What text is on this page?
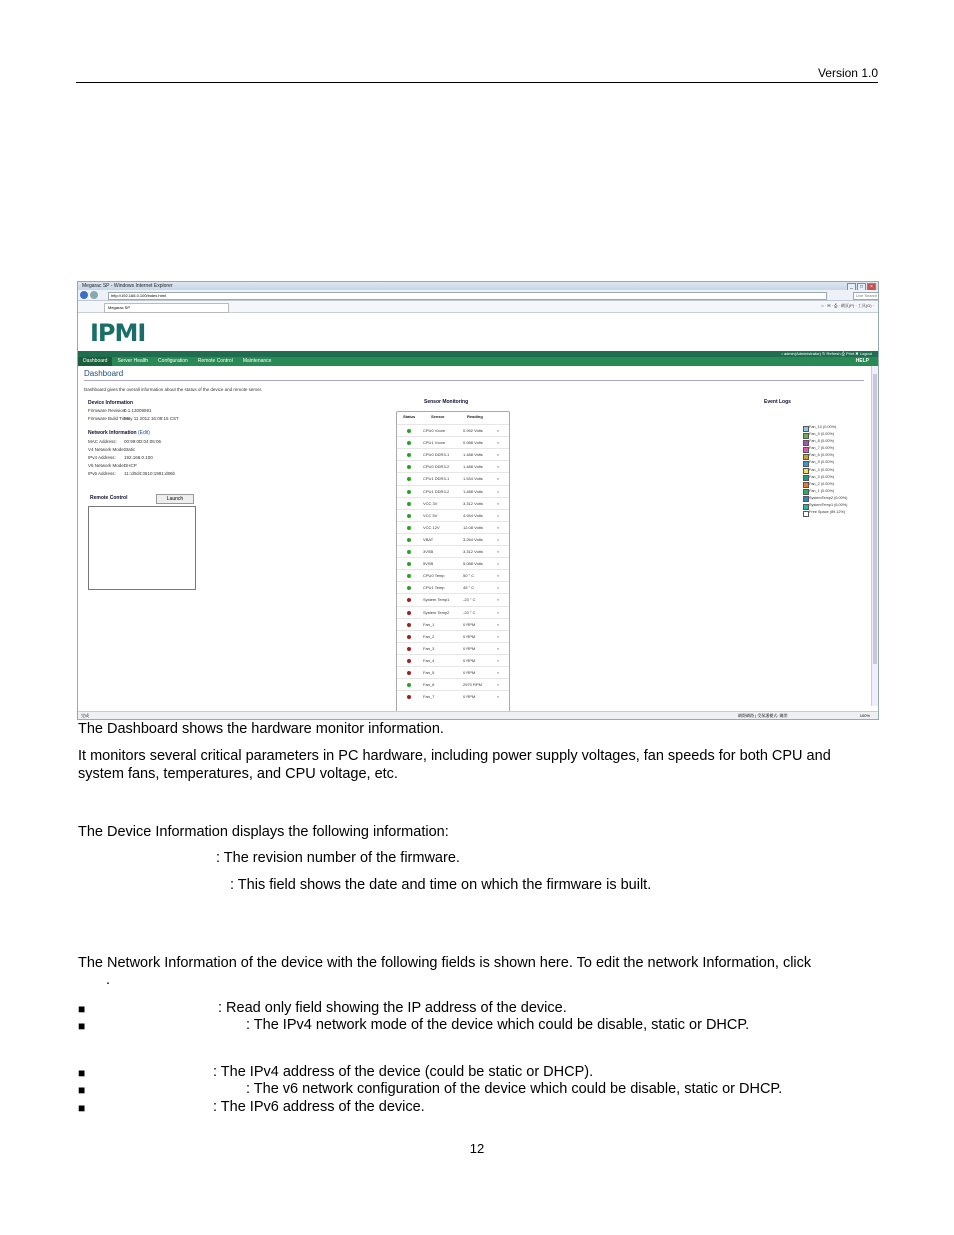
Version 1.0
Megarac SP - Windows Internet Explorer	_ □ ×
http://192.168.0.100/index.html	Live Search
Megarac SP	⌂ · ✉ · ⎙ · 網頁(P) · 工具(O) ·
IPMI
• admin(Administrator) ↻ Refresh ⎙ Print ✖ Logout
Dashboard Server Health Configuration Remote Control Maintenance	HELP
Dashboard
Dashboard gives the overall information about the status of the device and remote server.
Device Information
Firmware Revision:
0.1.13009591
Firmware Build Time:
May 11 2012 16:09:15 CST
Network Information (Edit)
MAC Address: 00:99:0D:04:05:06
V4 Network Mode:
Static
IPv4 Address: 192.168.0.100
V6 Network Mode:
DHCP
IPv6 Address: 11::d0d4:3610:1991:d86b
Remote Control	Launch
Sensor Monitoring
Status	Sensor	Reading
CPU0 Vcore	0.992 Volts	⌕
CPU1 Vcore	0.988 Volts	⌕
CPU0 DDR3-1	1.488 Volts	⌕
CPU0 DDR3-2	1.488 Volts	⌕
CPU1 DDR3-1	1.534 Volts	⌕
CPU1 DDR3-2	1.488 Volts	⌕
VCC 3V	3.312 Volts	⌕
VCC 5V	4.944 Volts	⌕
VCC 12V	12.08 Volts	⌕
VBAT	3.264 Volts	⌕
3VSB	3.312 Volts	⌕
5VSB	5.088 Volts	⌕
CPU0 Temp	50 ° C	⌕
CPU1 Temp	45 ° C	⌕
System Temp1	-23 ° C	⌕
System Temp2	-23 ° C	⌕
Fan_1	0 RPM	⌕
Fan_2	0 RPM	⌕
Fan_3	0 RPM	⌕
Fan_4	0 RPM	⌕
Fan_5	0 RPM	⌕
Fan_6	2970 RPM	⌕
Fan_7	0 RPM	⌕
Event Logs
Fan_10 (0.00%)
Fan_9 (0.00%)
Fan_8 (0.00%)
Fan_7 (0.00%)
Fan_6 (0.00%)
Fan_5 (0.00%)
Fan_4 (0.00%)
Fan_3 (0.00%)
Fan_2 (0.00%)
Fan_1 (0.00%)
SystemTemp2 (6.00%)
SystemTemp1 (6.00%)
Free Space (89.12%)
完成	網際網路 | 受保護模式: 關閉	100%
The Dashboard shows the hardware monitor information.
It monitors several critical parameters in PC hardware, including power supply voltages, fan speeds for both CPU and system fans, temperatures, and CPU voltage, etc.
The Device Information displays the following information:
: The revision number of the firmware.
: This field shows the date and time on which the firmware is built.
The Network Information of the device with the following fields is shown here. To edit the network Information, click
.
■	: Read only field showing the IP address of the device.
■	: The IPv4 network mode of the device which could be disable, static or DHCP.
■	: The IPv4 address of the device (could be static or DHCP).
■	: The v6 network configuration of the device which could be disable, static or DHCP.
■	: The IPv6 address of the device.
12
